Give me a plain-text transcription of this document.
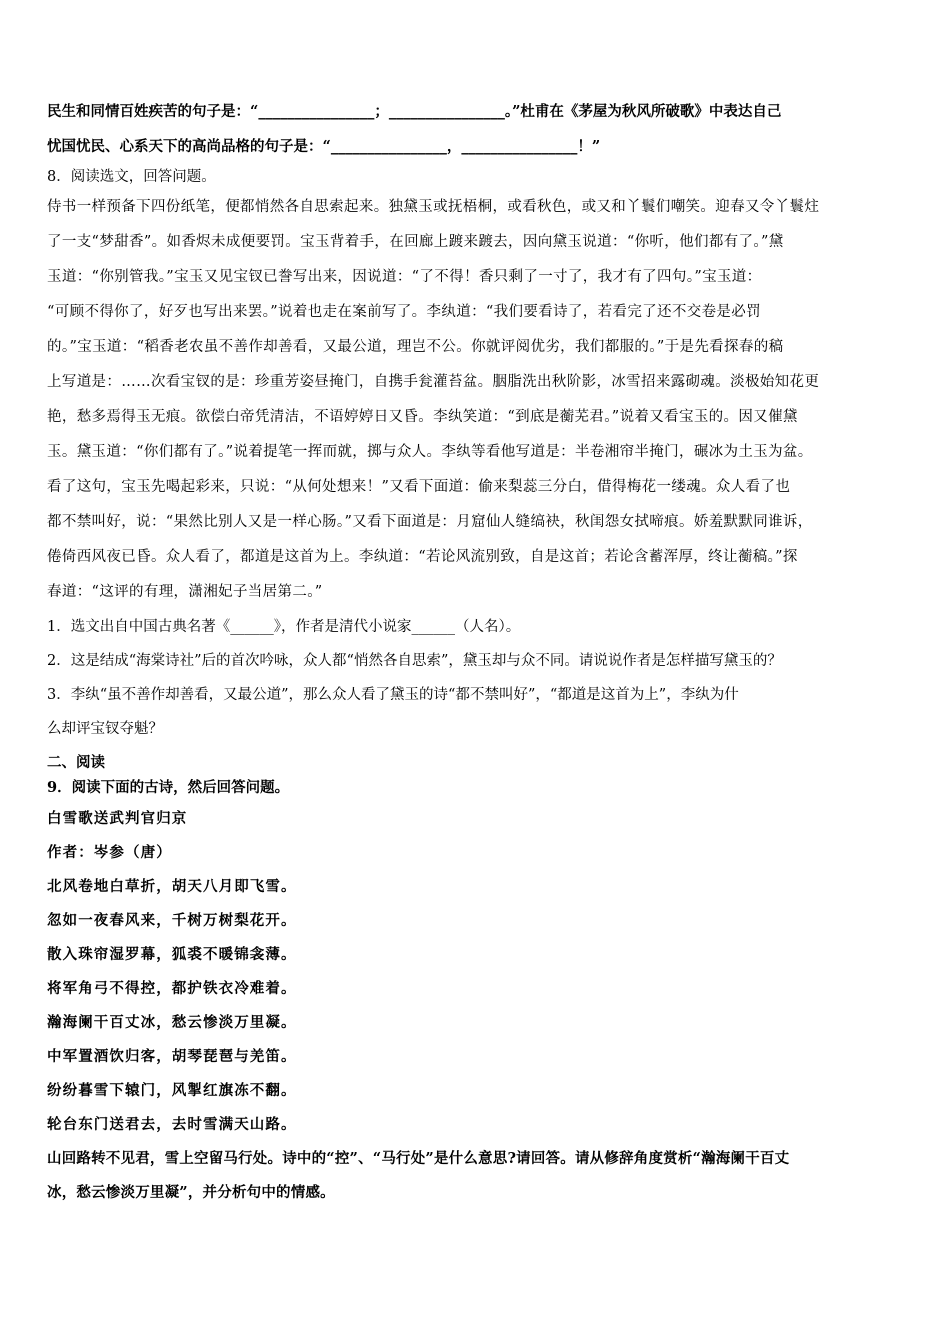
民生和同情百姓疾苦的句子是：“________________；________________。”杜甫在《茅屋为秋风所破歌》中表达自己
忧国忧民、心系天下的高尚品格的句子是：“________________，________________！”
8．阅读选文，回答问题。
侍书一样预备下四份纸笔，便都悄然各自思索起来。独黛玉或抚梧桐，或看秋色，或又和丫鬟们嘲笑。迎春又令丫鬟炷
了一支“梦甜香”。如香烬未成便要罚。宝玉背着手，在回廊上踱来踱去，因向黛玉说道：“你听，他们都有了。”黛
玉道：“你别管我。”宝玉又见宝钗已誊写出来，因说道：“了不得！香只剩了一寸了，我才有了四句。”宝玉道：
“可顾不得你了，好歹也写出来罢。”说着也走在案前写了。李纨道：“我们要看诗了，若看完了还不交卷是必罚
的。”宝玉道：“稻香老农虽不善作却善看，又最公道，理岂不公。你就评阅优劣，我们都服的。”于是先看探春的稿
上写道是：……次看宝钗的是：珍重芳姿昼掩门，自携手瓮灌苔盆。胭脂洗出秋阶影，冰雪招来露砌魂。淡极始知花更
艳，愁多焉得玉无痕。欲偿白帝凭清洁，不语婷婷日又昏。李纨笑道：“到底是蘅芜君。”说着又看宝玉的。因又催黛
玉。黛玉道：“你们都有了。”说着提笔一挥而就，掷与众人。李纨等看他写道是：半卷湘帘半掩门，碾冰为土玉为盆。
看了这句，宝玉先喝起彩来，只说：“从何处想来！”又看下面道：偷来梨蕊三分白，借得梅花一缕魂。众人看了也
都不禁叫好，说：“果然比别人又是一样心肠。”又看下面道是：月窟仙人缝缟袂，秋闺怨女拭啼痕。娇羞默默同谁诉，
倦倚西风夜已昏。众人看了，都道是这首为上。李纨道：“若论风流别致，自是这首；若论含蓄浑厚，终让蘅稿。”探
春道：“这评的有理，潇湘妃子当居第二。”
1．选文出自中国古典名著《______》，作者是清代小说家______（人名）。
2．这是结成“海棠诗社”后的首次吟咏，众人都“悄然各自思索”，黛玉却与众不同。请说说作者是怎样描写黛玉的？
3．李纨“虽不善作却善看，又最公道”，那么众人看了黛玉的诗“都不禁叫好”，“都道是这首为上”，李纨为什
么却评宝钗夺魁？
二、阅读
9．阅读下面的古诗，然后回答问题。
白雪歌送武判官归京
作者：岑参（唐）
北风卷地白草折，胡天八月即飞雪。
忽如一夜春风来，千树万树梨花开。
散入珠帘湿罗幕，狐裘不暖锦衾薄。
将军角弓不得控，都护铁衣冷难着。
瀚海阑干百丈冰，愁云惨淡万里凝。
中军置酒饮归客，胡琴琵琶与羌笛。
纷纷暮雪下辕门，风掣红旗冻不翻。
轮台东门送君去，去时雪满天山路。
山回路转不见君，雪上空留马行处。诗中的“控”、“马行处”是什么意思?请回答。请从修辞角度赏析“瀚海阑干百丈
冰，愁云惨淡万里凝”，并分析句中的情感。
